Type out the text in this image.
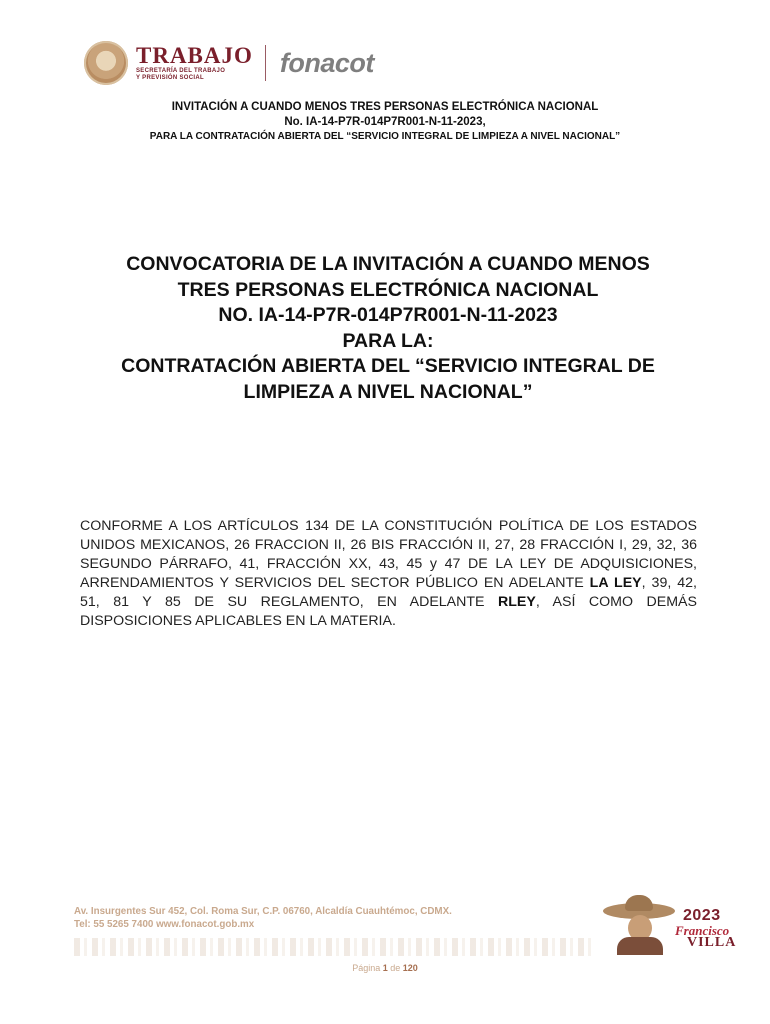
TRABAJO
SECRETARÍA DEL TRABAJO
Y PREVISIÓN SOCIAL
fonacot
INVITACIÓN A CUANDO MENOS TRES PERSONAS ELECTRÓNICA NACIONAL
No. IA-14-P7R-014P7R001-N-11-2023,
PARA LA CONTRATACIÓN ABIERTA DEL “SERVICIO INTEGRAL DE LIMPIEZA A NIVEL NACIONAL”
CONVOCATORIA DE LA INVITACIÓN A CUANDO MENOS
TRES PERSONAS ELECTRÓNICA NACIONAL
NO. IA-14-P7R-014P7R001-N-11-2023
PARA LA:
CONTRATACIÓN ABIERTA DEL “SERVICIO INTEGRAL DE
LIMPIEZA A NIVEL NACIONAL”
CONFORME A LOS ARTÍCULOS 134 DE LA CONSTITUCIÓN POLÍTICA DE LOS ESTADOS UNIDOS MEXICANOS, 26 FRACCION II, 26 BIS FRACCIÓN II, 27, 28 FRACCIÓN I, 29, 32, 36 SEGUNDO PÁRRAFO, 41, FRACCIÓN XX, 43, 45 y 47 DE LA LEY DE ADQUISICIONES, ARRENDAMIENTOS Y SERVICIOS DEL SECTOR PÚBLICO EN ADELANTE LA LEY, 39, 42, 51, 81 Y 85 DE SU REGLAMENTO, EN ADELANTE RLEY, ASÍ COMO DEMÁS DISPOSICIONES APLICABLES EN LA MATERIA.
Av. Insurgentes Sur 452, Col. Roma Sur, C.P. 06760, Alcaldía Cuauhtémoc, CDMX.
Tel: 55 5265 7400 www.fonacot.gob.mx
2023
Francisco
VILLA
Página 1 de 120
